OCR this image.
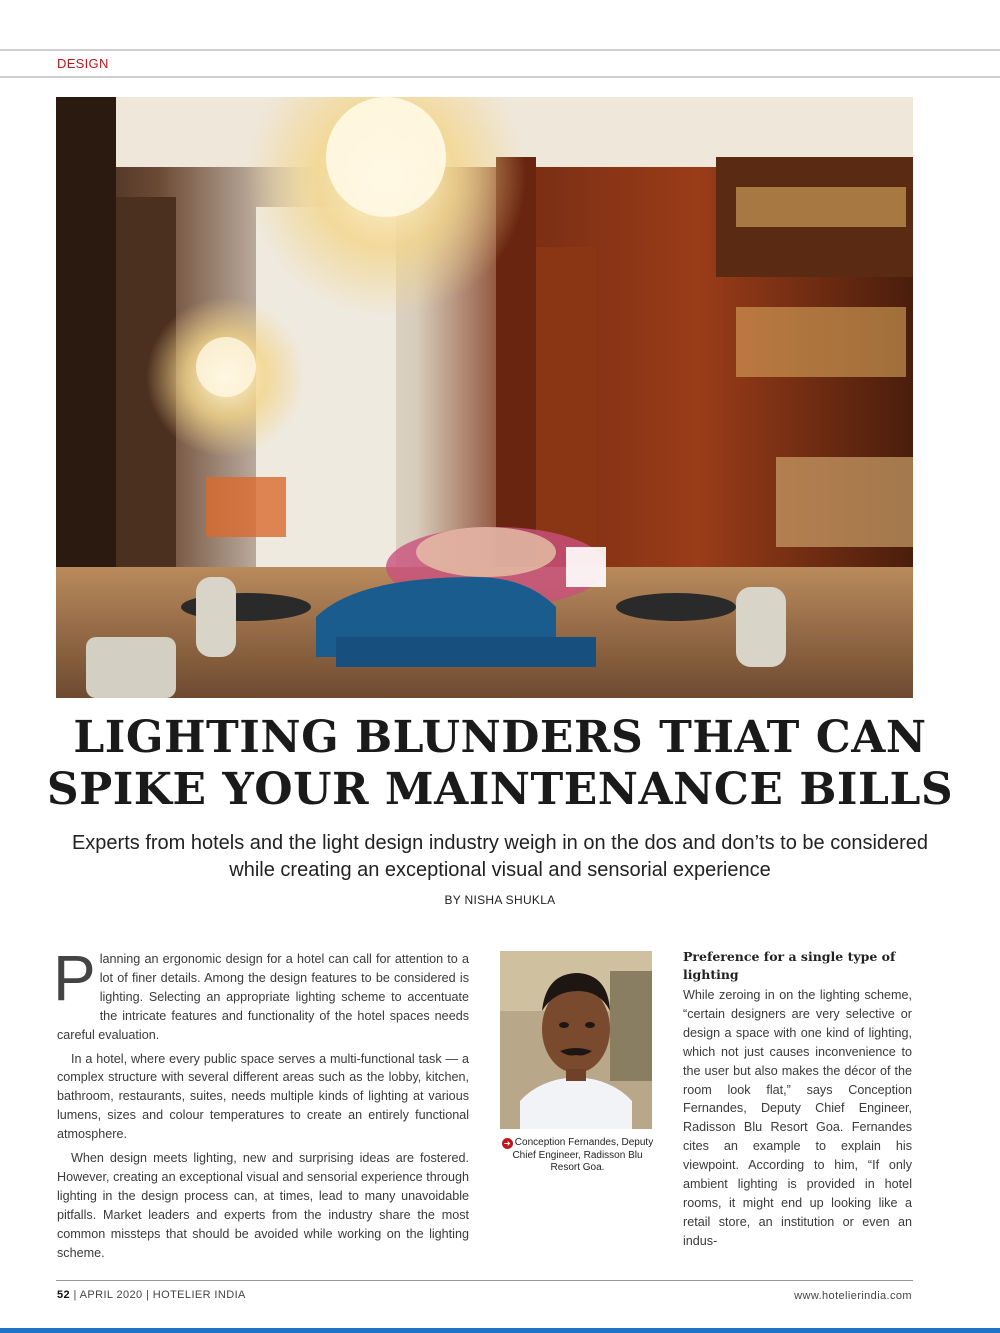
DESIGN
LIGHTING BLUNDERS THAT CAN
SPIKE YOUR MAINTENANCE BILLS
Experts from hotels and the light design industry weigh in on the dos and don’ts to be considered while creating an exceptional visual and sensorial experience
BY NISHA SHUKLA

Planning an ergonomic design for a hotel can call for attention to a lot of finer details. Among the design features to be considered is lighting. Selecting an appropriate lighting scheme to accentuate the intricate features and functionality of the hotel spaces needs careful evaluation.

In a hotel, where every public space serves a multi-functional task — a complex structure with several different areas such as the lobby, kitchen, bathroom, restaurants, suites, needs multiple kinds of lighting at various lumens, sizes and colour temperatures to create an entirely functional atmosphere.

When design meets lighting, new and surprising ideas are fostered. However, creating an exceptional visual and sensorial experience through lighting in the design process can, at times, lead to many unavoidable pitfalls. Market leaders and experts from the industry share the most common missteps that should be avoided while working on the lighting scheme.

➜ Conception Fernandes, Deputy Chief Engineer, Radisson Blu Resort Goa.
Preference for a single type of lighting

While zeroing in on the lighting scheme, “certain designers are very selective or design a space with one kind of lighting, which not just causes inconvenience to the user but also makes the décor of the room look flat,” says Conception Fernandes, Deputy Chief Engineer, Radisson Blu Resort Goa. Fernandes cites an example to explain his viewpoint. According to him, “If only ambient lighting is provided in hotel rooms, it might end up looking like a retail store, an institution or even an indus-

52 | APRIL 2020 | HOTELIER INDIA	www.hotelierindia.com
